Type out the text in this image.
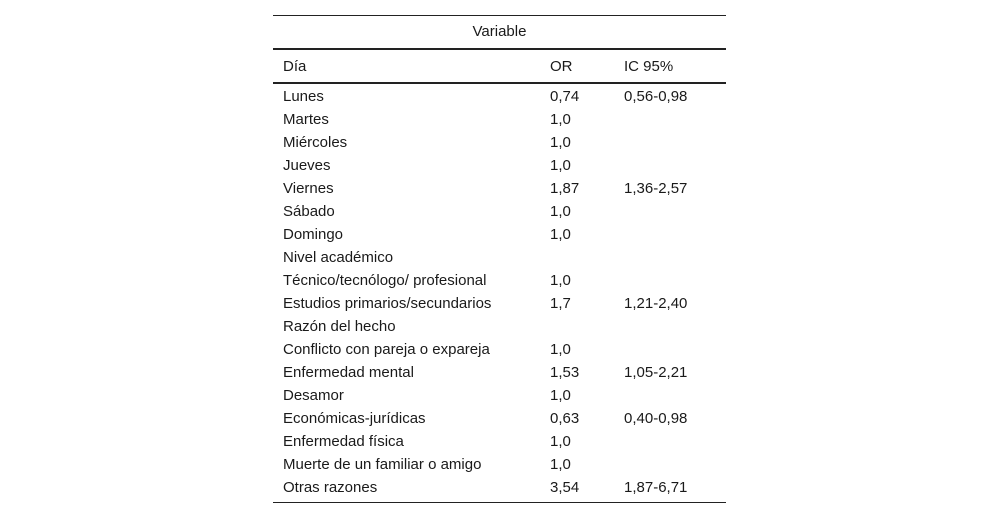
Variable
Día	OR	IC 95%
Lunes	0,74	0,56-0,98
Martes	1,0
Miércoles	1,0
Jueves	1,0
Viernes	1,87	1,36-2,57
Sábado	1,0
Domingo	1,0
Nivel académico
Técnico/tecnólogo/ profesional	1,0
Estudios primarios/secundarios	1,7	1,21-2,40
Razón del hecho
Conflicto con pareja o expareja	1,0
Enfermedad mental	1,53	1,05-2,21
Desamor	1,0
Económicas-jurídicas	0,63	0,40-0,98
Enfermedad física	1,0
Muerte de un familiar o amigo	1,0
Otras razones	3,54	1,87-6,71
